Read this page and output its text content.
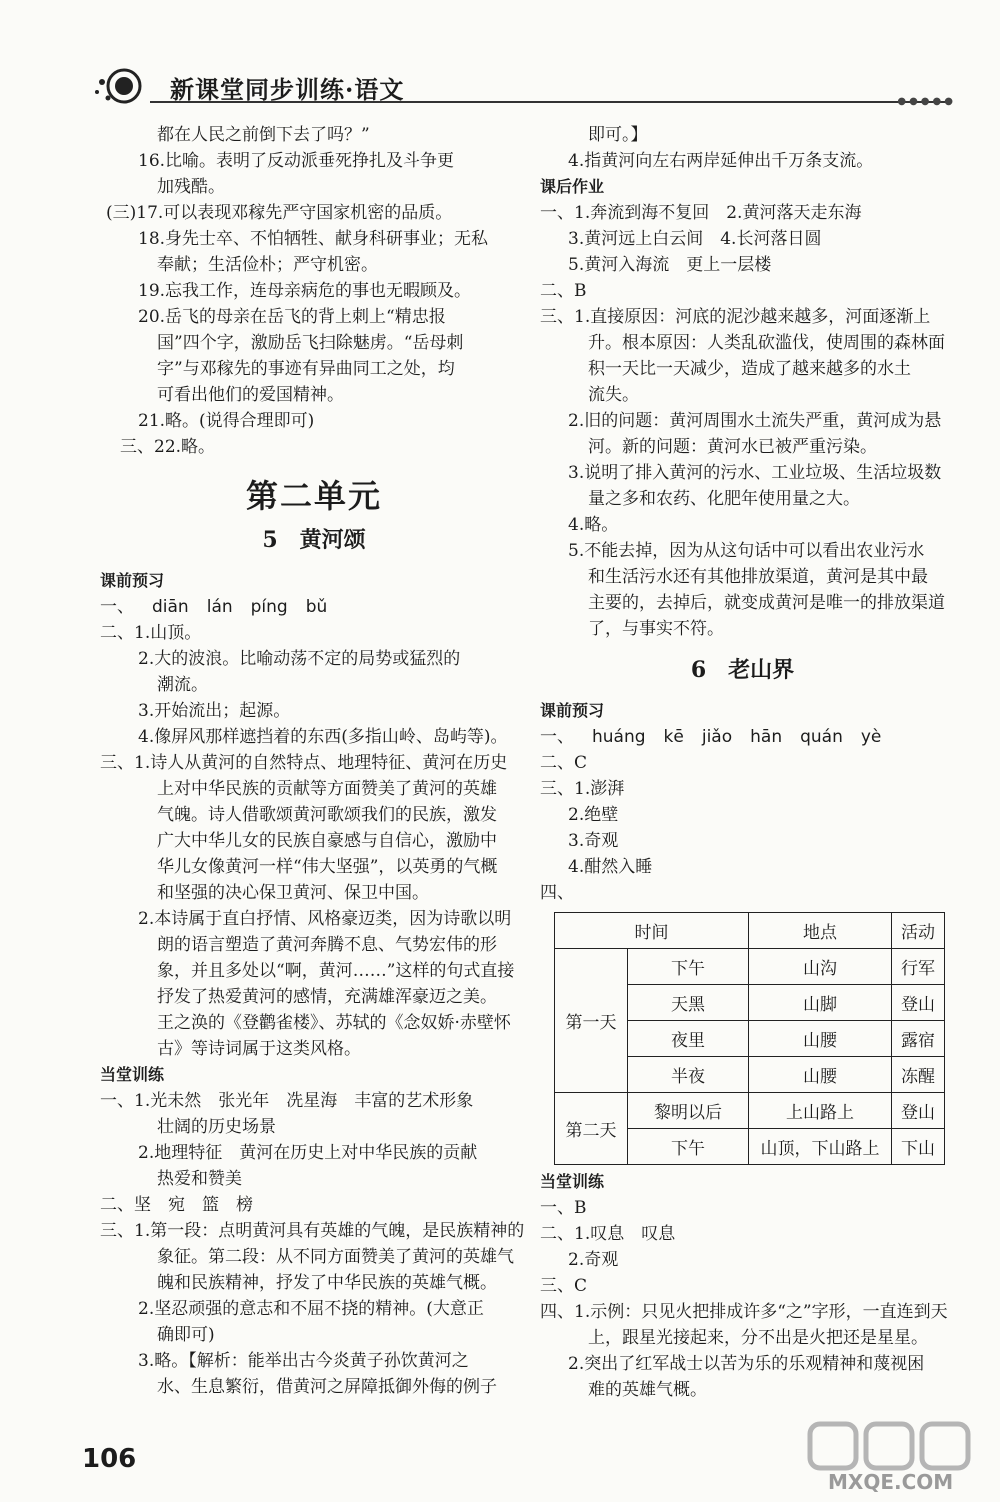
新课堂同步训练·语文	●●●●●
都在人民之前倒下去了吗？”
16.比喻。表明了反动派垂死挣扎及斗争更
加残酷。
(三)17.可以表现邓稼先严守国家机密的品质。
18.身先士卒、不怕牺牲、献身科研事业；无私
奉献；生活俭朴；严守机密。
19.忘我工作，连母亲病危的事也无暇顾及。
20.岳飞的母亲在岳飞的背上刺上“精忠报
国”四个字，激励岳飞扫除魅虏。“岳母刺
字”与邓稼先的事迹有异曲同工之处，均
可看出他们的爱国精神。
21.略。(说得合理即可)
三、22.略。
第二单元
5　黄河颂
课前预习
一、 diān lán píng bǔ
二、1.山顶。
2.大的波浪。比喻动荡不定的局势或猛烈的
潮流。
3.开始流出；起源。
4.像屏风那样遮挡着的东西(多指山岭、岛屿等)。
三、1.诗人从黄河的自然特点、地理特征、黄河在历史
上对中华民族的贡献等方面赞美了黄河的英雄
气魄。诗人借歌颂黄河歌颂我们的民族，激发
广大中华儿女的民族自豪感与自信心，激励中
华儿女像黄河一样“伟大坚强”，以英勇的气概
和坚强的决心保卫黄河、保卫中国。
2.本诗属于直白抒情、风格豪迈类，因为诗歌以明
朗的语言塑造了黄河奔腾不息、气势宏伟的形
象，并且多处以“啊，黄河……”这样的句式直接
抒发了热爱黄河的感情，充满雄浑豪迈之美。
王之涣的《登鹳雀楼》、苏轼的《念奴娇·赤壁怀
古》等诗词属于这类风格。
当堂训练
一、1.光未然　张光年　冼星海　丰富的艺术形象
壮阔的历史场景
2.地理特征　黄河在历史上对中华民族的贡献
热爱和赞美
二、坚　宛　篮　榜
三、1.第一段：点明黄河具有英雄的气魄，是民族精神的
象征。第二段：从不同方面赞美了黄河的英雄气
魄和民族精神，抒发了中华民族的英雄气概。
2.坚忍顽强的意志和不屈不挠的精神。(大意正
确即可)
3.略。【解析：能举出古今炎黄子孙饮黄河之
水、生息繁衍，借黄河之屏障抵御外侮的例子
即可。】
4.指黄河向左右两岸延伸出千万条支流。
课后作业
一、1.奔流到海不复回　2.黄河落天走东海
3.黄河远上白云间　4.长河落日圆
5.黄河入海流　更上一层楼
二、B
三、1.直接原因：河底的泥沙越来越多，河面逐渐上
升。根本原因：人类乱砍滥伐，使周围的森林面
积一天比一天减少，造成了越来越多的水土
流失。
2.旧的问题：黄河周围水土流失严重，黄河成为悬
河。新的问题：黄河水已被严重污染。
3.说明了排入黄河的污水、工业垃圾、生活垃圾数
量之多和农药、化肥年使用量之大。
4.略。
5.不能去掉，因为从这句话中可以看出农业污水
和生活污水还有其他排放渠道，黄河是其中最
主要的，去掉后，就变成黄河是唯一的排放渠道
了，与事实不符。
6　老山界
课前预习
一、 huáng kē jiǎo hān quán yè
二、C
三、1.澎湃
2.绝壁
3.奇观
4.酣然入睡
四、
时间		地点	活动
第一天	下午	山沟	行军
	天黑	山脚	登山
	夜里	山腰	露宿
	半夜	山腰	冻醒
第二天	黎明以后	上山路上	登山
	下午	山顶，下山路上	下山
当堂训练
一、B
二、1.叹息　叹息
2.奇观
三、C
四、1.示例：只见火把排成许多“之”字形，一直连到天
上，跟星光接起来，分不出是火把还是星星。
2.突出了红军战士以苦为乐的乐观精神和蔑视困
难的英雄气概。
106
MXQE.COM
